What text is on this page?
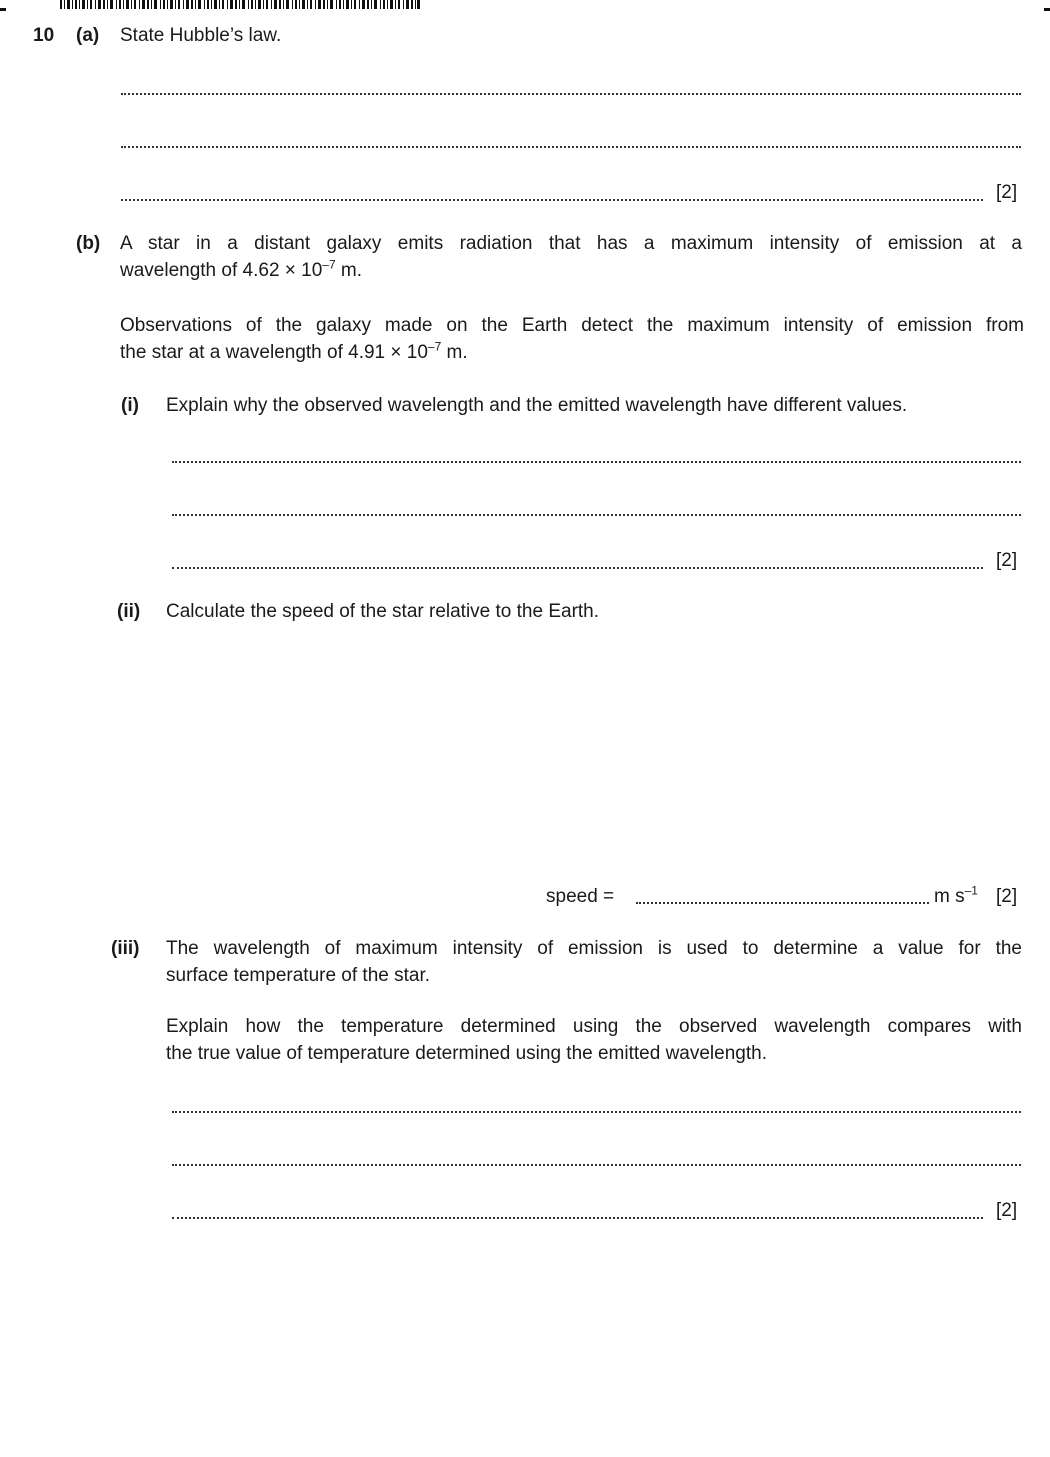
10 (a) State Hubble’s law.
[2]
(b) A star in a distant galaxy emits radiation that has a maximum intensity of emission at a
wavelength of $4.62 \times 10^{-7}$ m.
Observations of the galaxy made on the Earth detect the maximum intensity of emission from
the star at a wavelength of $4.91 \times 10^{-7}$ m.
(i) Explain why the observed wavelength and the emitted wavelength have different values.
[2]
(ii) Calculate the speed of the star relative to the Earth.
speed =	m $s^{-1}$ [2]
(iii) The wavelength of maximum intensity of emission is used to determine a value for the
surface temperature of the star.
Explain how the temperature determined using the observed wavelength compares with
the true value of temperature determined using the emitted wavelength.
[2]
